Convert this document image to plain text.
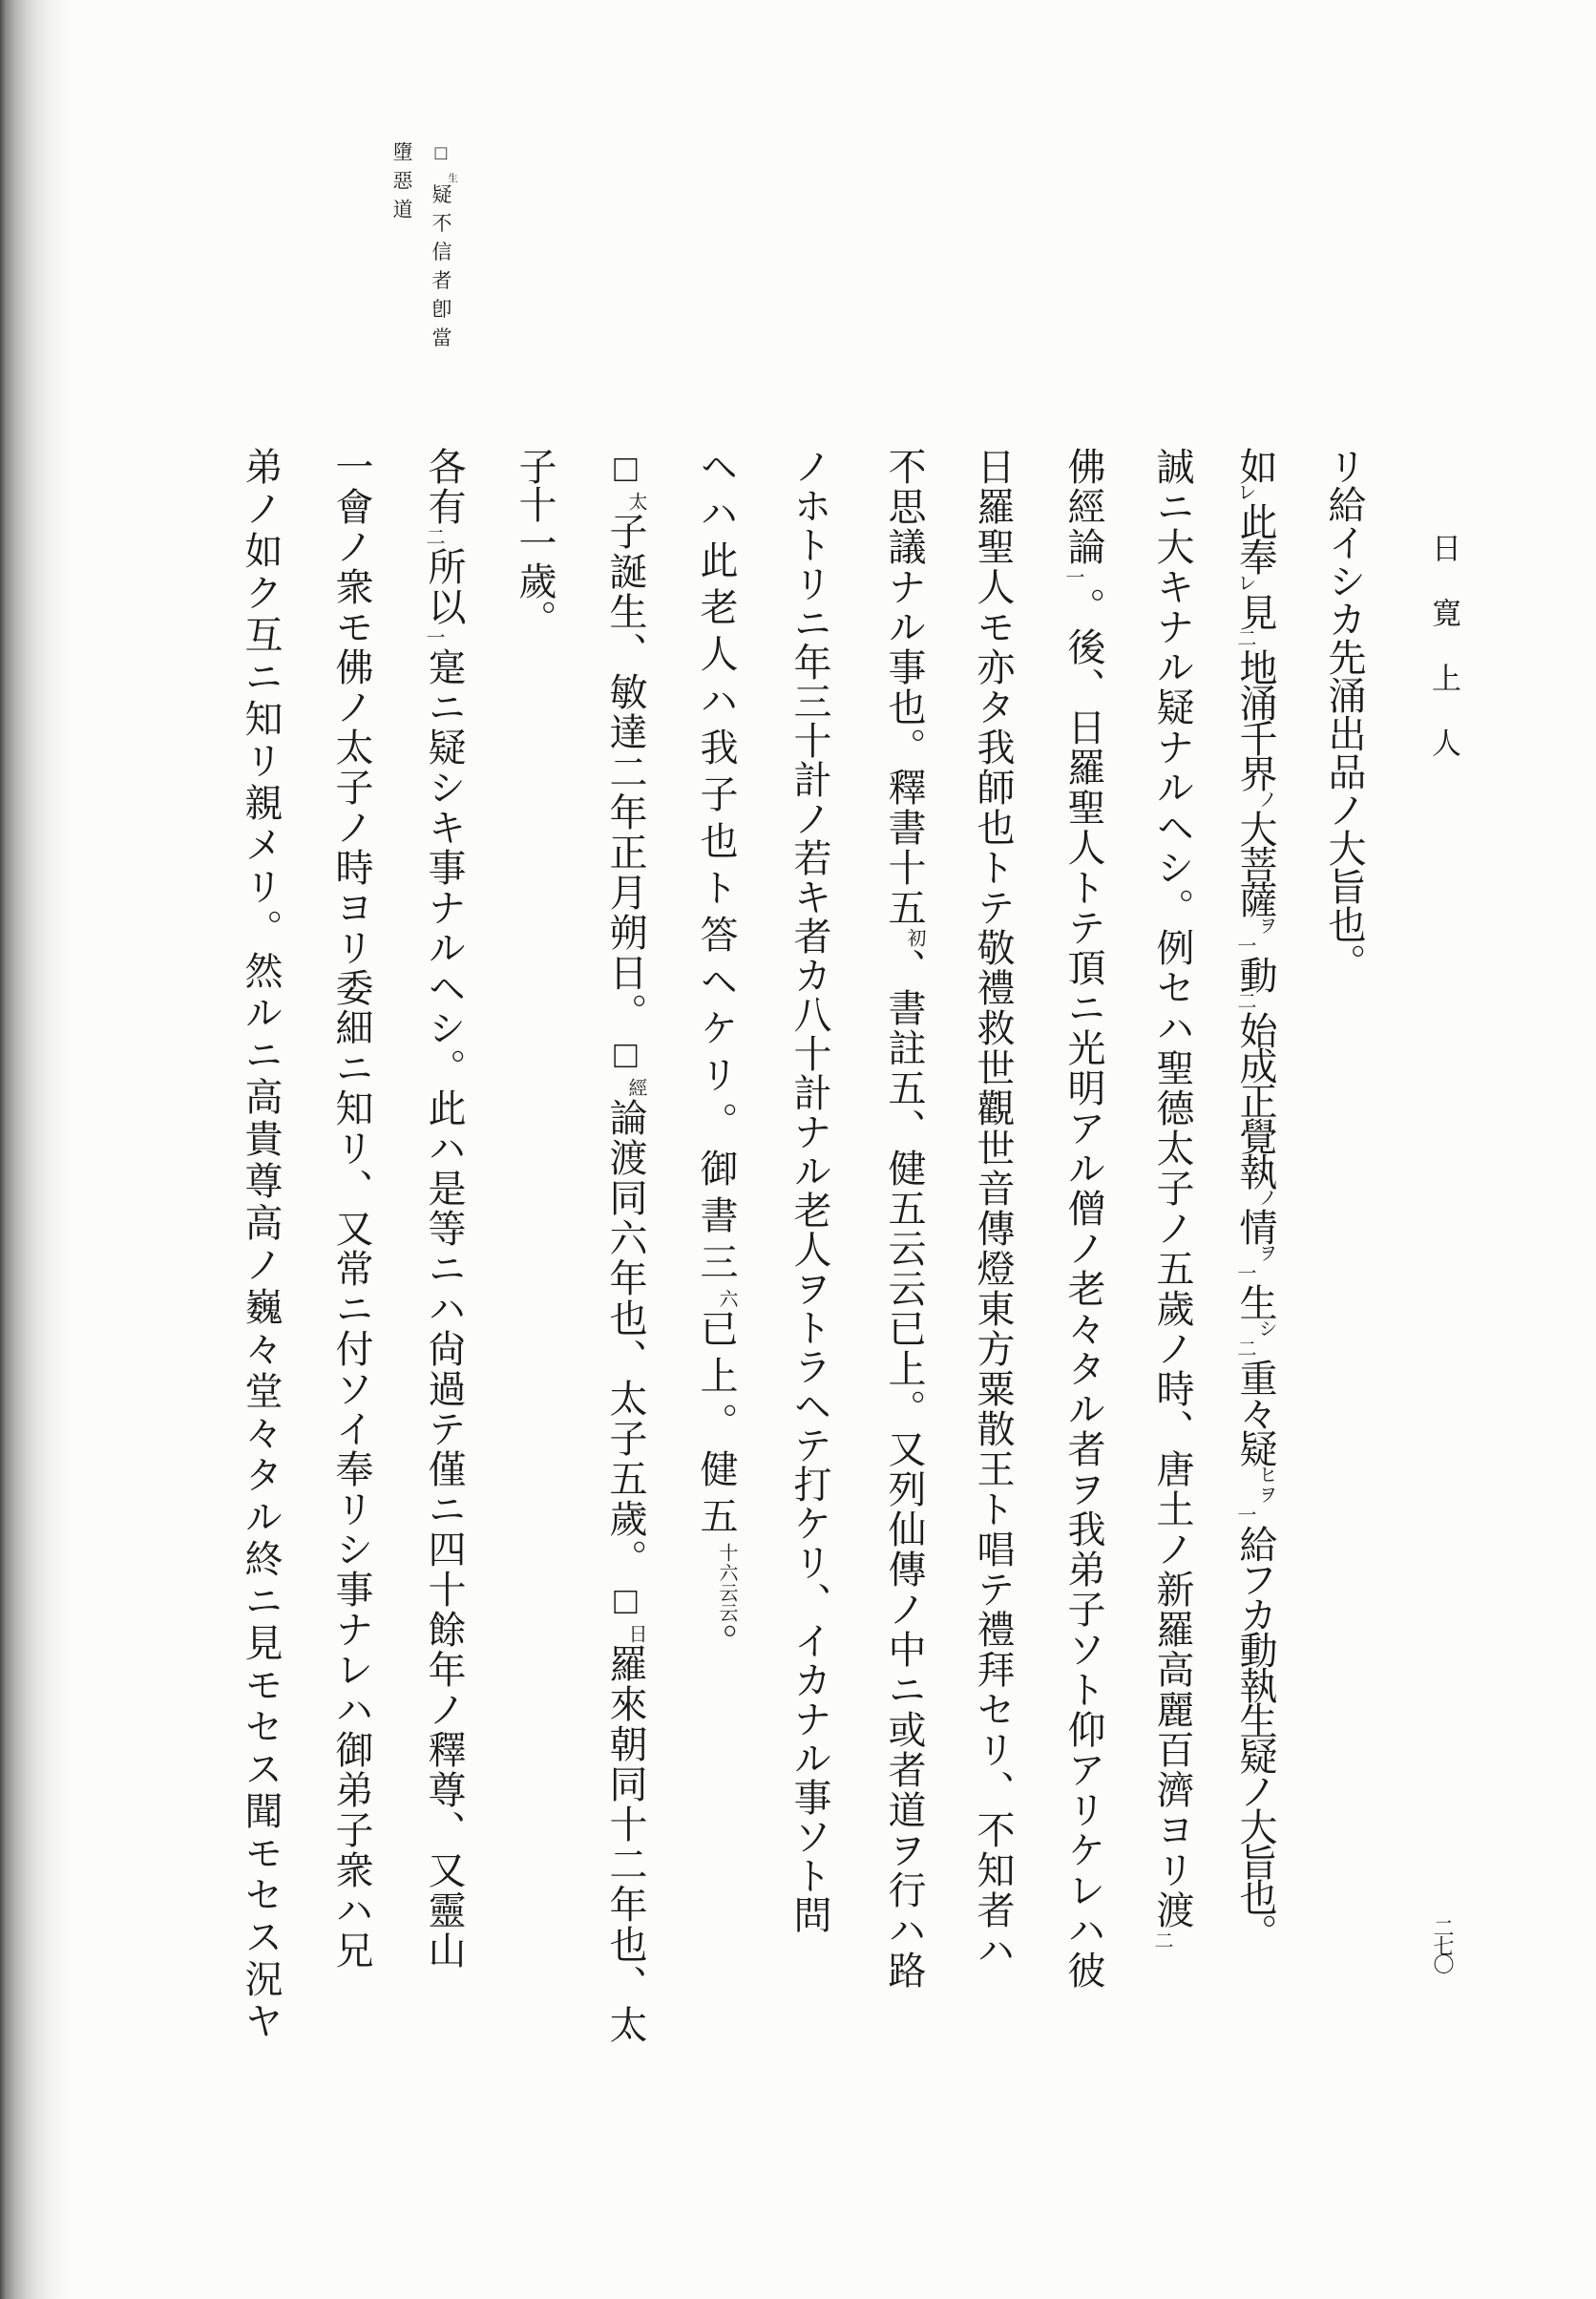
□生疑不信者卽當
墮惡道
リ給イシカ先涌出品ノ大旨也。
如レ此奉レ見二地涌千界ノ大菩薩ヲ一動二始成正覺執ノ情ヲ一生シ二重々疑ヒヲ一給フカ動執生疑ノ大旨也。
誠ニ大キナル疑ナルヘシ。例セハ聖德太子ノ五歲ノ時、唐土ノ新羅高麗百濟ヨリ渡二
佛經論一。後、日羅聖人トテ頂ニ光明アル僧ノ老々タル者ヲ我弟子ソト仰アリケレハ彼
日羅聖人モ亦タ我師也トテ敬禮救世觀世音傳燈東方粟散王ト唱テ禮拜セリ、不知者ハ
不思議ナル事也。釋書十五初、書註五、健五云云已上。又列仙傳ノ中ニ或者道ヲ行ハ路
ノホトリニ年三十計ノ若キ者カ八十計ナル老人ヲトラヘテ打ケリ、イカナル事ソト問
ヘハ此老人ハ我子也ト答ヘケリ。御書三六已上。健五十六云云。
□太子誕生、敏達二年正月朔日。□經論渡同六年也、太子五歲。□日羅來朝同十二年也、太
子十一歲。
各有二所以一寔ニ疑シキ事ナルヘシ。此ハ是等ニハ尙過テ僅ニ四十餘年ノ釋尊、又靈山
一會ノ衆モ佛ノ太子ノ時ヨリ委細ニ知リ、又常ニ付ソイ奉リシ事ナレハ御弟子衆ハ兄
弟ノ如ク互ニ知リ親メリ。然ルニ高貴尊高ノ巍々堂々タル終ニ見モセス聞モセス況ヤ	日寛上人
二七〇
